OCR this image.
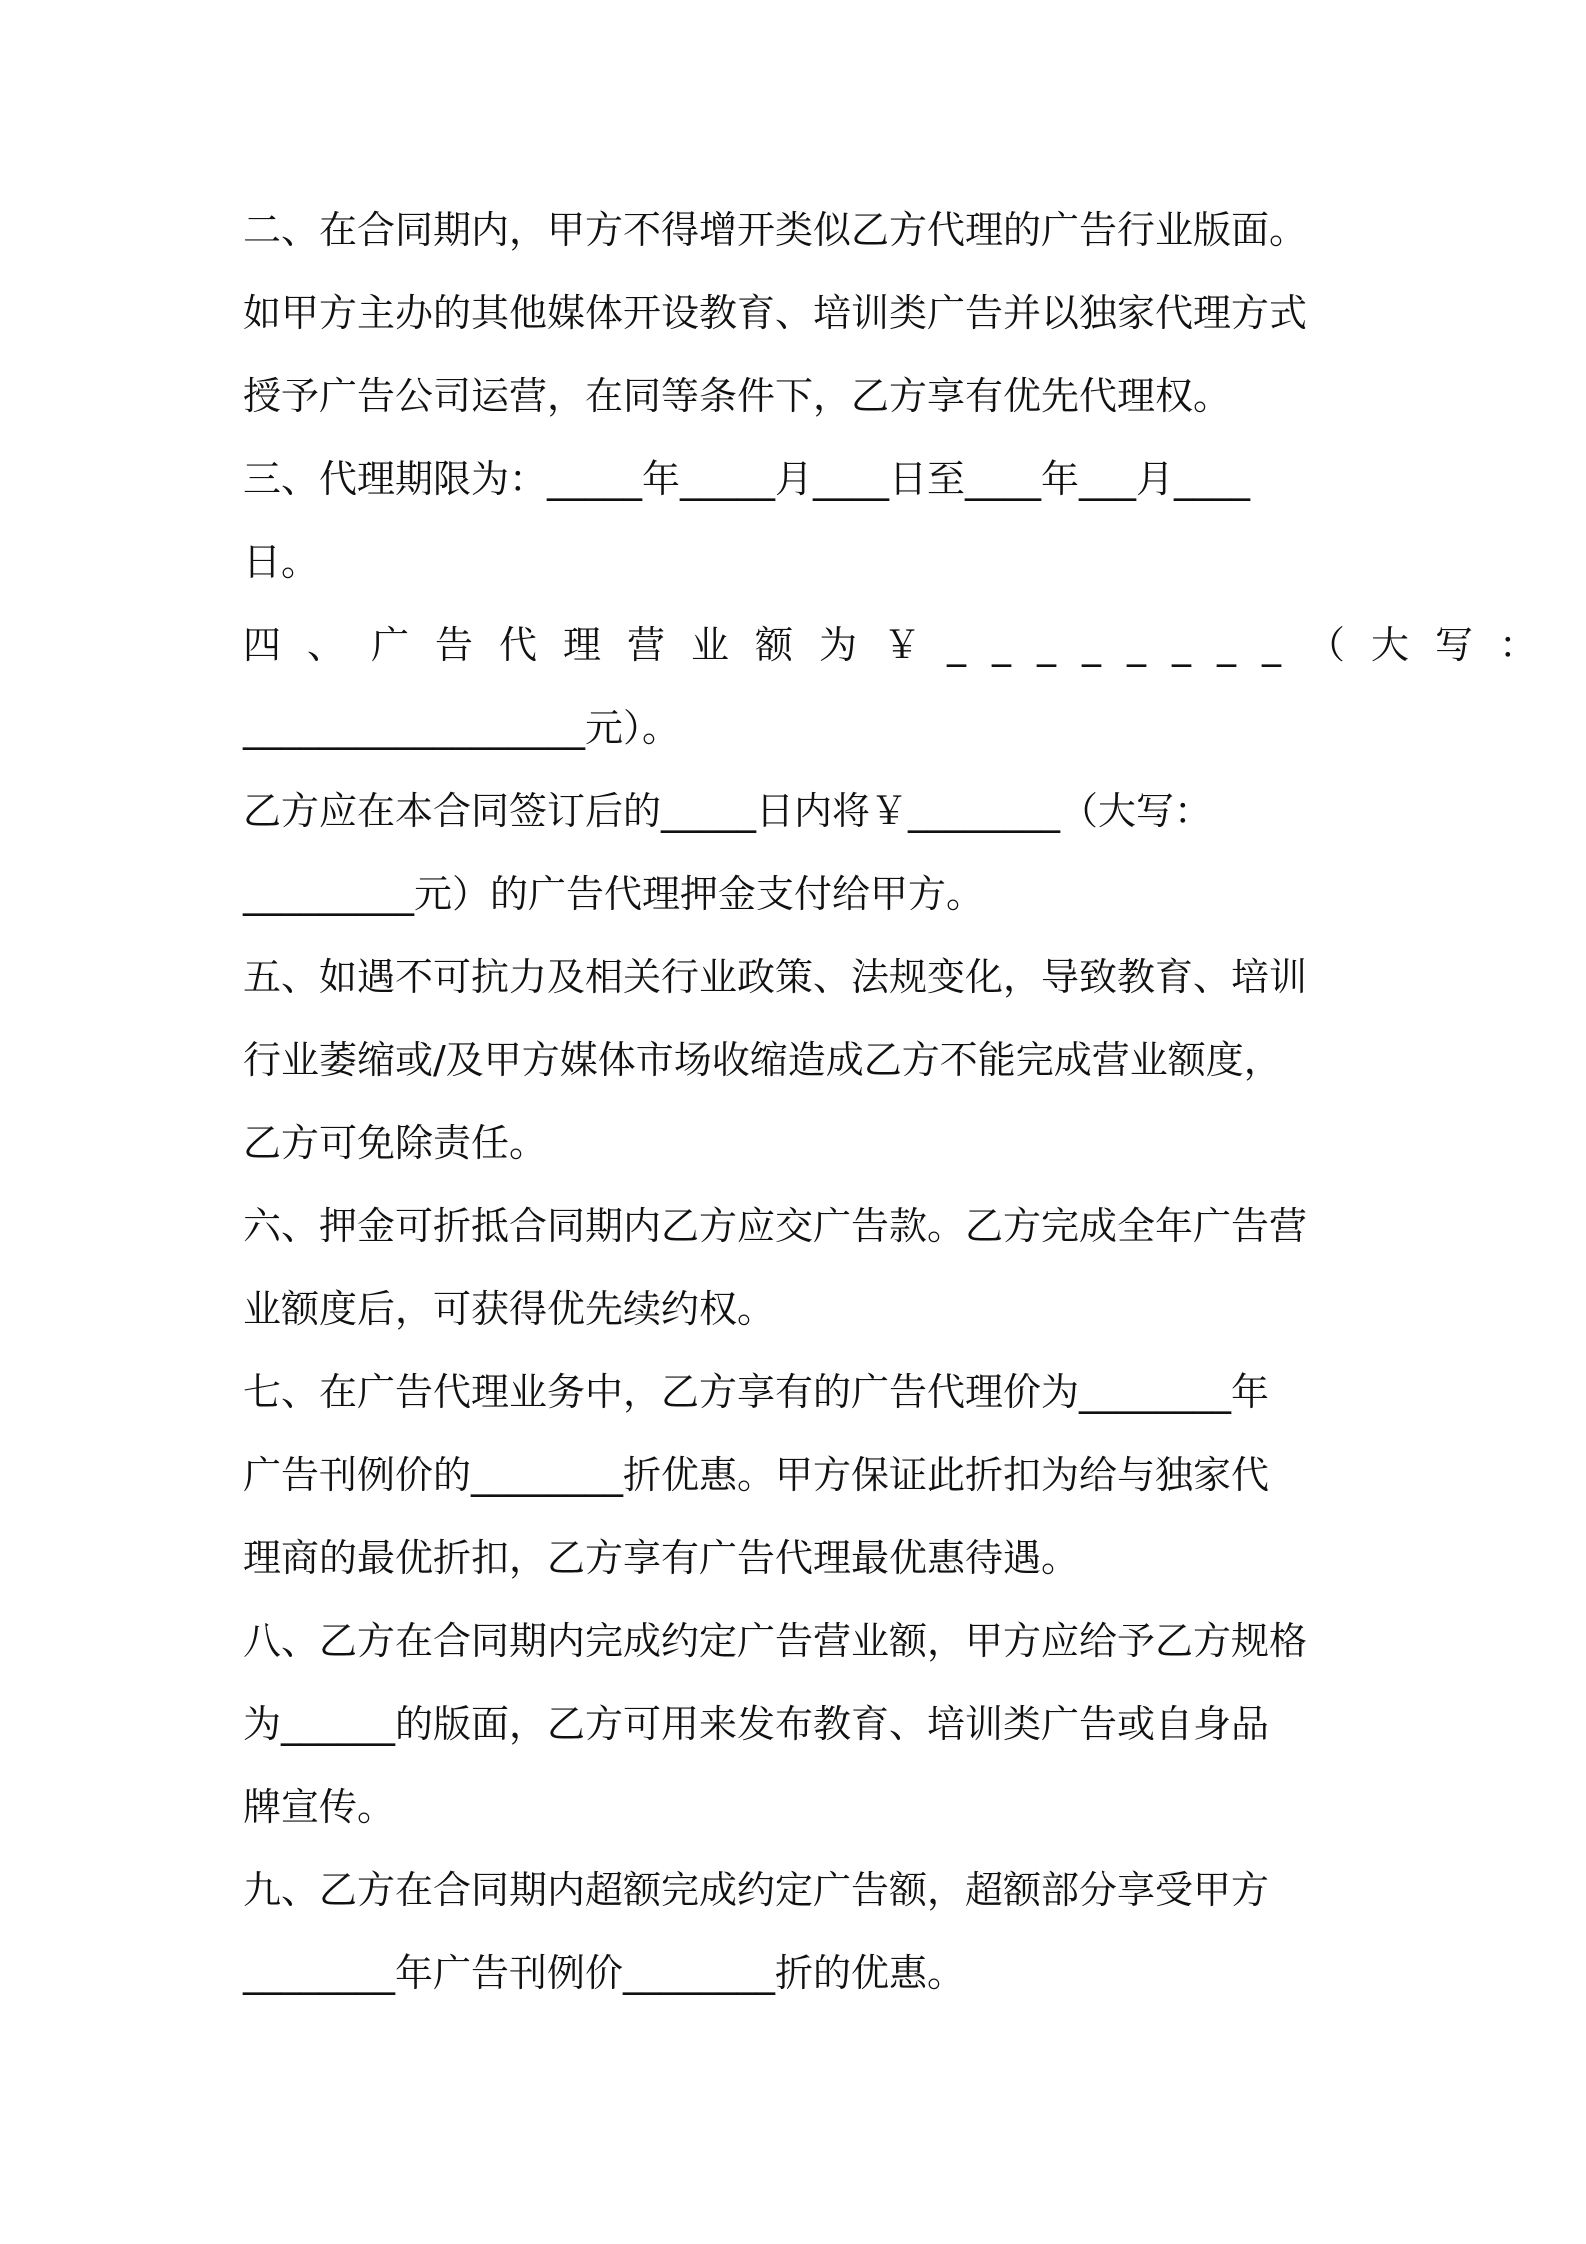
二、在合同期内，甲方不得增开类似乙方代理的广告行业版面。
如甲方主办的其他媒体开设教育、培训类广告并以独家代理方式
授予广告公司运营，在同等条件下，乙方享有优先代理权。
三、代理期限为：_____年_____月____日至____年___月____
日。
四、广告代理营业额为￥________（大写：
__________________元）。
乙方应在本合同签订后的_____日内将￥________（大写：
_________元）的广告代理押金支付给甲方。
五、如遇不可抗力及相关行业政策、法规变化，导致教育、培训
行业萎缩或/及甲方媒体市场收缩造成乙方不能完成营业额度，
乙方可免除责任。
六、押金可折抵合同期内乙方应交广告款。乙方完成全年广告营
业额度后，可获得优先续约权。
七、在广告代理业务中，乙方享有的广告代理价为________年
广告刊例价的________折优惠。甲方保证此折扣为给与独家代
理商的最优折扣，乙方享有广告代理最优惠待遇。
八、乙方在合同期内完成约定广告营业额，甲方应给予乙方规格
为______的版面，乙方可用来发布教育、培训类广告或自身品
牌宣传。
九、乙方在合同期内超额完成约定广告额，超额部分享受甲方
________年广告刊例价________折的优惠。
